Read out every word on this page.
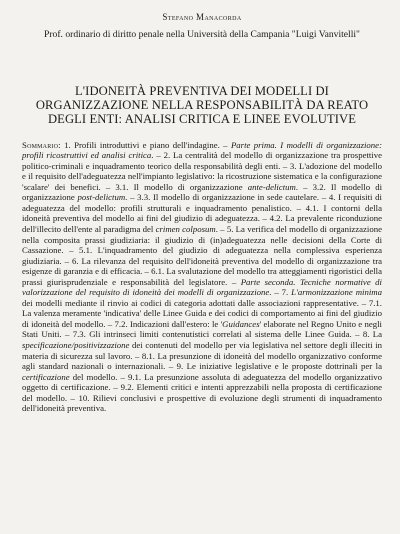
Stefano Manacorda
Prof. ordinario di diritto penale nella Università della Campania "Luigi Vanvitelli"
L'IDONEITÀ PREVENTIVA DEI MODELLI DI ORGANIZZAZIONE NELLA RESPONSABILITÀ DA REATO DEGLI ENTI: ANALISI CRITICA E LINEE EVOLUTIVE

Sommario: 1. Profili introduttivi e piano dell'indagine. – Parte prima. I modelli di organizzazione: profili ricostruttivi ed analisi critica. – 2. La centralità del modello di organizzazione tra prospettive politico-criminali e inquadramento teorico della responsabilità degli enti. – 3. L'adozione del modello e il requisito dell'adeguatezza nell'impianto legislativo: la ricostruzione sistematica e la configurazione 'scalare' dei benefici. – 3.1. Il modello di organizzazione ante-delictum. – 3.2. Il modello di organizzazione post-delictum. – 3.3. Il modello di organizzazione in sede cautelare. – 4. I requisiti di adeguatezza del modello: profili strutturali e inquadramento penalistico. – 4.1. I contorni della idoneità preventiva del modello ai fini del giudizio di adeguatezza. – 4.2. La prevalente riconduzione dell'illecito dell'ente al paradigma del crimen colposum. – 5. La verifica del modello di organizzazione nella composita prassi giudiziaria: il giudizio di (in)adeguatezza nelle decisioni della Corte di Cassazione. – 5.1. L'inquadramento del giudizio di adeguatezza nella complessiva esperienza giudiziaria. – 6. La rilevanza del requisito dell'idoneità preventiva del modello di organizzazione tra esigenze di garanzia e di efficacia. – 6.1. La svalutazione del modello tra atteggiamenti rigoristici della prassi giurisprudenziale e responsabilità del legislatore. – Parte seconda. Tecniche normative di valorizzazione del requisito di idoneità dei modelli di organizzazione. – 7. L'armonizzazione minima dei modelli mediante il rinvio ai codici di categoria adottati dalle associazioni rappresentative. – 7.1. La valenza meramente 'indicativa' delle Linee Guida e dei codici di comportamento ai fini del giudizio di idoneità del modello. – 7.2. Indicazioni dall'estero: le 'Guidances' elaborate nel Regno Unito e negli Stati Uniti. – 7.3. Gli intrinseci limiti contenutistici correlati al sistema delle Linee Guida. – 8. La specificazione/positivizzazione dei contenuti del modello per via legislativa nel settore degli illeciti in materia di sicurezza sul lavoro. – 8.1. La presunzione di idoneità del modello organizzativo conforme agli standard nazionali o internazionali. – 9. Le iniziative legislative e le proposte dottrinali per la certificazione del modello. – 9.1. La presunzione assoluta di adeguatezza del modello organizzativo oggetto di certificazione. – 9.2. Elementi critici e intenti apprezzabili nella proposta di certificazione del modello. – 10. Rilievi conclusivi e prospettive di evoluzione degli strumenti di inquadramento dell'idoneità preventiva.
